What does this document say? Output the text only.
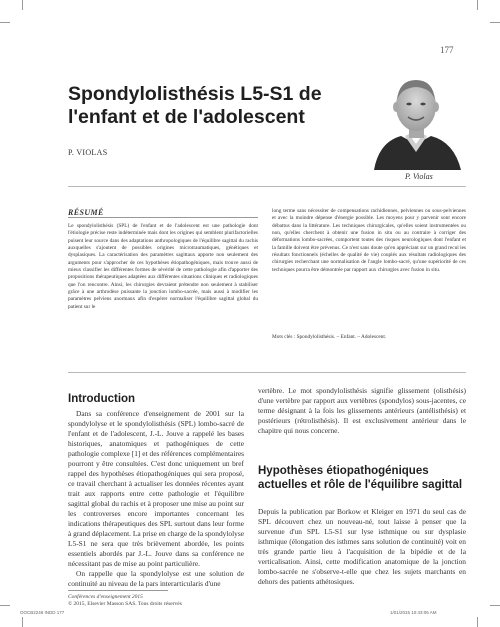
177
Spondylolisthésis L5-S1 de l'enfant et de l'adolescent
P. VIOLAS
P. Violas
RÉSUMÉ
Le spondylolisthésis (SPL) de l'enfant et de l'adolescent est une pathologie dont l'étiologie précise reste indéterminée mais dont les origines qui semblent plurifactorielles puisent leur source dans des adaptations anthropologiques de l'équilibre sagittal du rachis auxquelles s'ajoutent de possibles origines microtraumatiques, génétiques et dysplasiques. La caractérisation des paramètres sagittaux apporte non seulement des arguments pour s'approcher de ces hypothèses étiopathogéniques, mais trouve aussi de mieux classifier les différentes formes de sévérité de cette pathologie afin d'apporter des propositions thérapeutiques adaptées aux différentes situations cliniques et radiologiques que l'on rencontre. Ainsi, les chirurgies devraient prétendre non seulement à stabiliser grâce à une arthrodèse puissante la jonction lombo-sacrée, mais aussi à modifier les paramètres pelviens anormaux afin d'espérer normaliser l'équilibre sagittal global du patient sur le
long terme sans nécessiter de compensations rachidiennes, pelviennes ou sous-pelviennes et avec la moindre dépense d'énergie possible. Les moyens pour y parvenir sont encore débattus dans la littérature. Les techniques chirurgicales, qu'elles soient instrumentées ou non, qu'elles cherchent à obtenir une fusion in situ ou au contraire à corriger des déformations lombo-sacrées, comportent toutes des risques neurologiques dont l'enfant et la famille doivent être prévenus. Ce n'est sans doute qu'en appréciant sur un grand recul les résultats fonctionnels (échelles de qualité de vie) couplés aux résultats radiologiques des chirurgies recherchant une normalisation de l'angle lombo-sacré, qu'une supériorité de ces techniques pourra être démontrée par rapport aux chirurgies avec fusion in situ.
Mots clés : Spondylolisthésis. – Enfant. – Adolescent.
Introduction

Dans sa conférence d'enseignement de 2001 sur la spondylolyse et le spondylolisthésis (SPL) lombo-sacré de l'enfant et de l'adolescent, J.-L. Jouve a rappelé les bases historiques, anatomiques et pathogéniques de cette pathologie complexe [1] et des références complémentaires pourront y être consultées. C'est donc uniquement un bref rappel des hypothèses étiopathogéniques qui sera proposé, ce travail cherchant à actualiser les données récentes ayant trait aux rapports entre cette pathologie et l'équilibre sagittal global du rachis et à proposer une mise au point sur les controverses encore importantes concernant les indications thérapeutiques des SPL surtout dans leur forme à grand déplacement. La prise en charge de la spondylolyse L5-S1 ne sera que très brièvement abordée, les points essentiels abordés par J.-L. Jouve dans sa conférence ne nécessitant pas de mise au point particulière.

On rappelle que la spondylolyse est une solution de continuité au niveau de la pars interarticularis d'une

vertèbre. Le mot spondylolisthésis signifie glissement (olisthésis) d'une vertèbre par rapport aux vertèbres (spondylos) sous-jacentes, ce terme désignant à la fois les glissements antérieurs (antélisthésis) et postérieurs (rétrolisthésis). Il est exclusivement antérieur dans le chapitre qui nous concerne.

Hypothèses étiopathogéniques actuelles et rôle de l'équilibre sagittal

Depuis la publication par Borkow et Kleiger en 1971 du seul cas de SPL découvert chez un nouveau-né, tout laisse à penser que la survenue d'un SPL L5-S1 sur lyse isthmique ou sur dysplasie isthmique (élongation des isthmes sans solution de continuité) voit en très grande partie lieu à l'acquisition de la bipédie et de la verticalisation. Ainsi, cette modification anatomique de la jonction lombo-sacrée ne s'observe-t-elle que chez les sujets marchants en dehors des patients athétosiques.

Conférences d'enseignement 2015
© 2015, Elsevier Masson SAS. Tous droits réservés
OOCB2246 INDD 177	1/01/2015 10:43:06 AM
